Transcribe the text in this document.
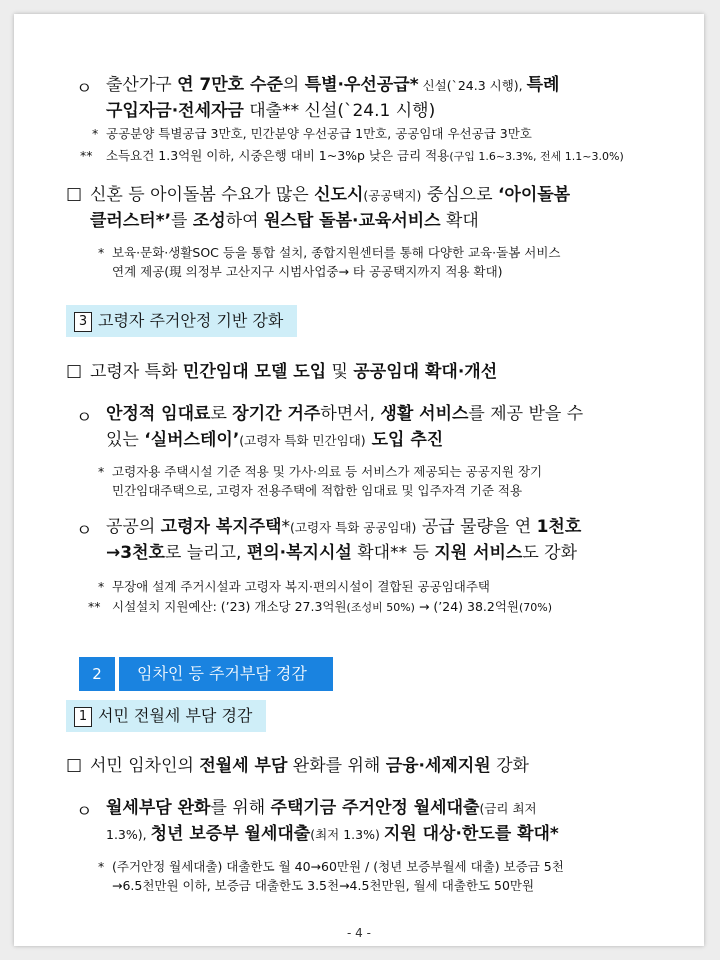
ㅇ 출산가구 연 7만호 수준의 특별·우선공급* 신설(`24.3 시행), 특례
구입자금·전세자금 대출** 신설(`24.1 시행)
* 공공분양 특별공급 3만호, 민간분양 우선공급 1만호, 공공임대 우선공급 3만호
** 소득요건 1.3억원 이하, 시중은행 대비 1~3%p 낮은 금리 적용(구입 1.6~3.3%, 전세 1.1~3.0%)
□ 신혼 등 아이돌봄 수요가 많은 신도시(공공택지) 중심으로 ‘아이돌봄
클러스터*’를 조성하여 원스탑 돌봄·교육서비스 확대
* 보육·문화·생활SOC 등을 통합 설치, 종합지원센터를 통해 다양한 교육·돌봄 서비스
연계 제공(現 의정부 고산지구 시범사업중→ 타 공공택지까지 적용 확대)
3 고령자 주거안정 기반 강화
□ 고령자 특화 민간임대 모델 도입 및 공공임대 확대·개선
ㅇ 안정적 임대료로 장기간 거주하면서, 생활 서비스를 제공 받을 수
있는 ‘실버스테이’(고령자 특화 민간임대) 도입 추진
* 고령자용 주택시설 기준 적용 및 가사·의료 등 서비스가 제공되는 공공지원 장기
민간임대주택으로, 고령자 전용주택에 적합한 임대료 및 입주자격 기준 적용
ㅇ 공공의 고령자 복지주택*(고령자 특화 공공임대) 공급 물량을 연 1천호
→3천호로 늘리고, 편의·복지시설 확대** 등 지원 서비스도 강화
* 무장애 설계 주거시설과 고령자 복지·편의시설이 결합된 공공임대주택
** 시설설치 지원예산: (’23) 개소당 27.3억원(조성비 50%) → (’24) 38.2억원(70%)
2 임차인 등 주거부담 경감
1 서민 전월세 부담 경감
□ 서민 임차인의 전월세 부담 완화를 위해 금융·세제지원 강화
ㅇ 월세부담 완화를 위해 주택기금 주거안정 월세대출(금리 최저
1.3%), 청년 보증부 월세대출(최저 1.3%) 지원 대상·한도를 확대*
* (주거안정 월세대출) 대출한도 월 40→60만원 / (청년 보증부월세 대출) 보증금 5천
→6.5천만원 이하, 보증금 대출한도 3.5천→4.5천만원, 월세 대출한도 50만원
- 4 -
